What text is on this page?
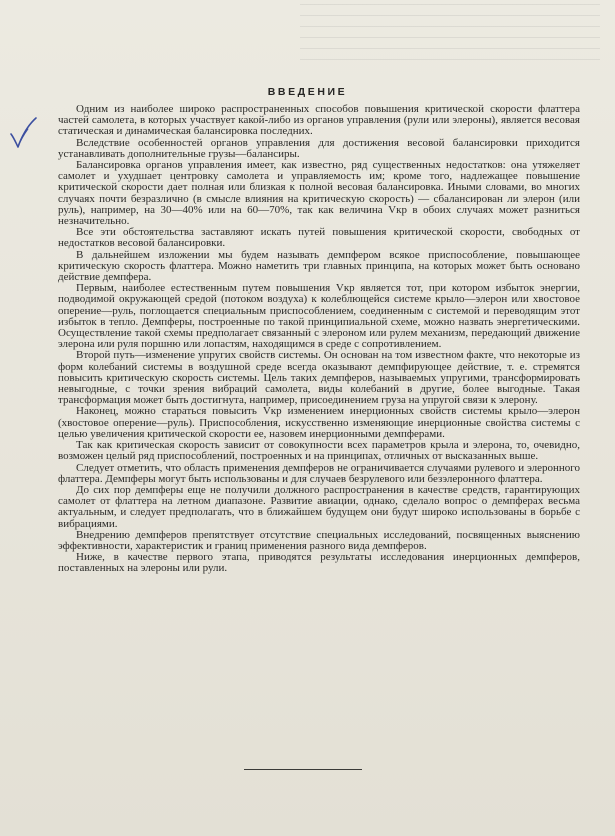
ВВЕДЕНИЕ

Одним из наиболее широко распространенных способов повышения критической скорости флаттера частей самолета, в которых участвует какой-либо из органов управления (рули или элероны), является весовая статическая и динамическая балансировка последних.

Вследствие особенностей органов управления для достижения весовой балансировки приходится устанавливать дополнительные грузы—балансиры.

Балансировка органов управления имеет, как известно, ряд существенных недостатков: она утяжеляет самолет и ухудшает центровку самолета и управляемость им; кроме того, надлежащее повышение критической скорости дает полная или близкая к полной весовая балансировка. Иными словами, во многих случаях почти безразлично (в смысле влияния на критическую скорость) — сбалансирован ли элерон (или руль), например, на 30—40% или на 60—70%, так как величина Vкр в обоих случаях может разниться незначительно.

Все эти обстоятельства заставляют искать путей повышения критической скорости, свободных от недостатков весовой балансировки.

В дальнейшем изложении мы будем называть демпфером всякое приспособление, повышающее критическую скорость флаттера. Можно наметить три главных принципа, на которых может быть основано действие демпфера.

Первым, наиболее естественным путем повышения Vкр является тот, при котором избыток энергии, подводимой окружающей средой (потоком воздуха) к колеблющейся системе крыло—элерон или хвостовое оперение—руль, поглощается специальным приспособлением, соединенным с системой и переводящим этот избыток в тепло. Демпферы, построенные по такой принципиальной схеме, можно назвать энергетическими. Осуществление такой схемы предполагает связанный с элероном или рулем механизм, передающий движение элерона или руля поршню или лопастям, находящимся в среде с сопротивлением.

Второй путь—изменение упругих свойств системы. Он основан на том известном факте, что некоторые из форм колебаний системы в воздушной среде всегда оказывают демпфирующее действие, т. е. стремятся повысить критическую скорость системы. Цель таких демпферов, называемых упругими, трансформировать невыгодные, с точки зрения вибраций самолета, виды колебаний в другие, более выгодные. Такая трансформация может быть достигнута, например, присоединением груза на упругой связи к элерону.

Наконец, можно стараться повысить Vкр изменением инерционных свойств системы крыло—элерон (хвостовое оперение—руль). Приспособления, искусственно изменяющие инерционные свойства системы с целью увеличения критической скорости ее, назовем инерционными демпферами.

Так как критическая скорость зависит от совокупности всех параметров крыла и элерона, то, очевидно, возможен целый ряд приспособлений, построенных и на принципах, отличных от высказанных выше.

Следует отметить, что область применения демпферов не ограничивается случаями рулевого и элеронного флаттера. Демпферы могут быть использованы и для случаев безрулевого или безэлеронного флаттера.

До сих пор демпферы еще не получили должного распространения в качестве средств, гарантирующих самолет от флаттера на летном диапазоне. Развитие авиации, однако, сделало вопрос о демпферах весьма актуальным, и следует предполагать, что в ближайшем будущем они будут широко использованы в борьбе с вибрациями.

Внедрению демпферов препятствует отсутствие специальных исследований, посвященных выяснению эффективности, характеристик и границ применения разного вида демпферов.

Ниже, в качестве первого этапа, приводятся результаты исследования инерционных демпферов, поставленных на элероны или рули.
